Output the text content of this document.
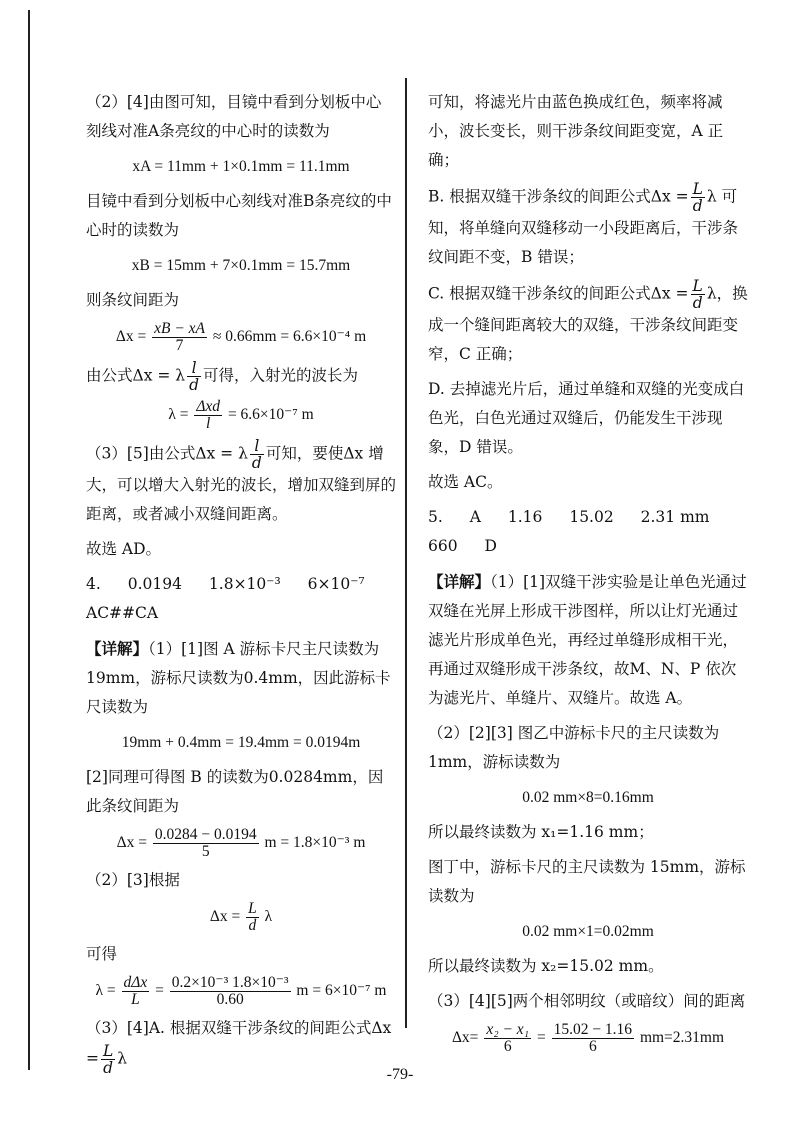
（2）[4]由图可知，目镜中看到分划板中心刻线对准A条亮纹的中心时的读数为

xA = 11mm + 1×0.1mm = 11.1mm

目镜中看到分划板中心刻线对准B条亮纹的中心时的读数为

xB = 15mm + 7×0.1mm = 15.7mm

则条纹间距为

$\Delta x = \frac{xB - xA}{7} \approx 0.66mm = 6.6\times 10^{-4}$ m

由公式Δx = λ $\frac{l}{d}$ 可得，入射光的波长为

$\lambda = \frac{\text{Δxd}}{l} = 6.6\times 10^{-7}$ m

（3）[5]由公式Δx = λ $\frac{l}{d}$ 可知，要使Δx 增大，可以增大入射光的波长，增加双缝到屏的距离，或者减小双缝间距离。

故选 AD。

4. 0.0194 1.8×10⁻³ 6×10⁻⁷ AC##CA

【详解】（1）[1]图 A 游标卡尺主尺读数为19mm，游标尺读数为0.4mm，因此游标卡尺读数为

19mm + 0.4mm = 19.4mm = 0.0194m

[2]同理可得图 B 的读数为0.0284mm，因此条纹间距为

$\Delta x = \frac{0.0284 - 0.0194}{5}$ m = 1.8×10⁻³ m

（2）[3]根据

$\Delta x = \frac{L}{d}$ λ

可得

$\lambda = \frac{\text{dΔx}}{L} = \frac{\text{0.2×10⁻³ 1.8×10⁻³}}{0.60}$ m = 6×10⁻⁷ m

（3）[4]A. 根据双缝干涉条纹的间距公式$\Delta x = \frac{L}{d}$ λ

可知，将滤光片由蓝色换成红色，频率将减小，波长变长，则干涉条纹间距变宽，A 正确；

B. 根据双缝干涉条纹的间距公式$\Delta x = \frac{L}{d}$ λ 可知，将单缝向双缝移动一小段距离后，干涉条纹间距不变，B 错误；

C. 根据双缝干涉条纹的间距公式$\Delta x = \frac{L}{d}$ λ，换成一个缝间距离较大的双缝，干涉条纹间距变窄，C 正确；

D. 去掉滤光片后，通过单缝和双缝的光变成白色光，白色光通过双缝后，仍能发生干涉现象，D 错误。

故选 AC。

5. A 1.16 15.02 2.31 mm 660 D

【详解】（1）[1]双缝干涉实验是让单色光通过双缝在光屏上形成干涉图样，所以让灯光通过滤光片形成单色光，再经过单缝形成相干光，再通过双缝形成干涉条纹，故M、N、P 依次为滤光片、单缝片、双缝片。故选 A。

（2）[2][3] 图乙中游标卡尺的主尺读数为 1mm，游标读数为

0.02 mm×8=0.16mm

所以最终读数为 x₁=1.16 mm；

图丁中，游标卡尺的主尺读数为 15mm，游标读数为

0.02 mm×1=0.02mm

所以最终读数为 x₂=15.02 mm。

（3）[4][5]两个相邻明纹（或暗纹）间的距离

$\Delta x= \frac{\text{x₂ − x₁}}{6} = \frac{15.02 - 1.16}{6} mm=2.31mm$
-79-
